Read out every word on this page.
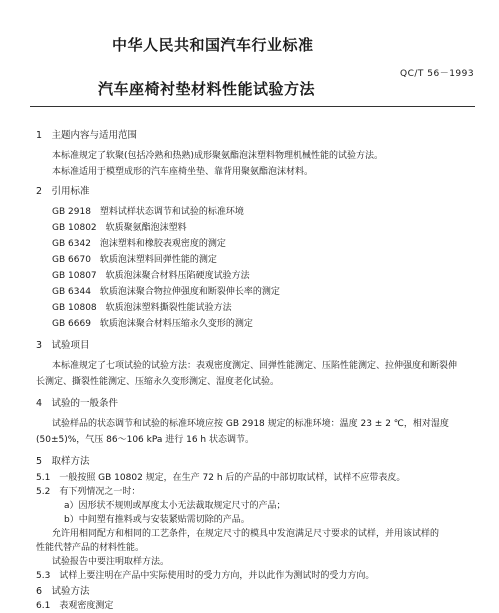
中华人民共和国汽车行业标准
QC/T 56－1993
汽车座椅衬垫材料性能试验方法
1　主题内容与适用范围
本标准规定了软聚(包括冷熟和热熟)成形聚氨酯泡沫塑料物理机械性能的试验方法。
本标准适用于模塑成形的汽车座椅坐垫、靠背用聚氨酯泡沫材料。
2　引用标准
GB 2918　塑料试样状态调节和试验的标准环境
GB 10802　软质聚氨酯泡沫塑料
GB 6342　泡沫塑料和橡胶表观密度的测定
GB 6670　软质泡沫塑料回弹性能的测定
GB 10807　软质泡沫聚合材料压陷硬度试验方法
GB 6344　软质泡沫聚合物拉伸强度和断裂伸长率的测定
GB 10808　软质泡沫塑料撕裂性能试验方法
GB 6669　软质泡沫聚合材料压缩永久变形的测定
3　试验项目
本标准规定了七项试验的试验方法：表观密度测定、回弹性能测定、压陷性能测定、拉伸强度和断裂伸
长测定、撕裂性能测定、压缩永久变形测定、湿度老化试验。
4　试验的一般条件
试验样品的状态调节和试验的标准环境应按 GB 2918 规定的标准环境：温度 23 ± 2 ℃，相对湿度
(50±5)%，气压 86～106 kPa 进行 16 h 状态调节。
5　取样方法
5.1　一般按照 GB 10802 规定，在生产 72 h 后的产品的中部切取试样，试样不应带表皮。
5.2　有下列情况之一时：
a）因形状不规则或厚度太小无法裁取规定尺寸的产品；
b）中间塑有推料或与安装紧贴需切除的产品。
允许用相同配方和相同的工艺条件，在规定尺寸的模具中发泡满足尺寸要求的试样，并用该试样的
性能代替产品的材料性能。
试验报告中要注明取样方法。
5.3　试样上要注明在产品中实际使用时的受力方向，并以此作为测试时的受力方向。
6　试验方法
6.1　表观密度测定
